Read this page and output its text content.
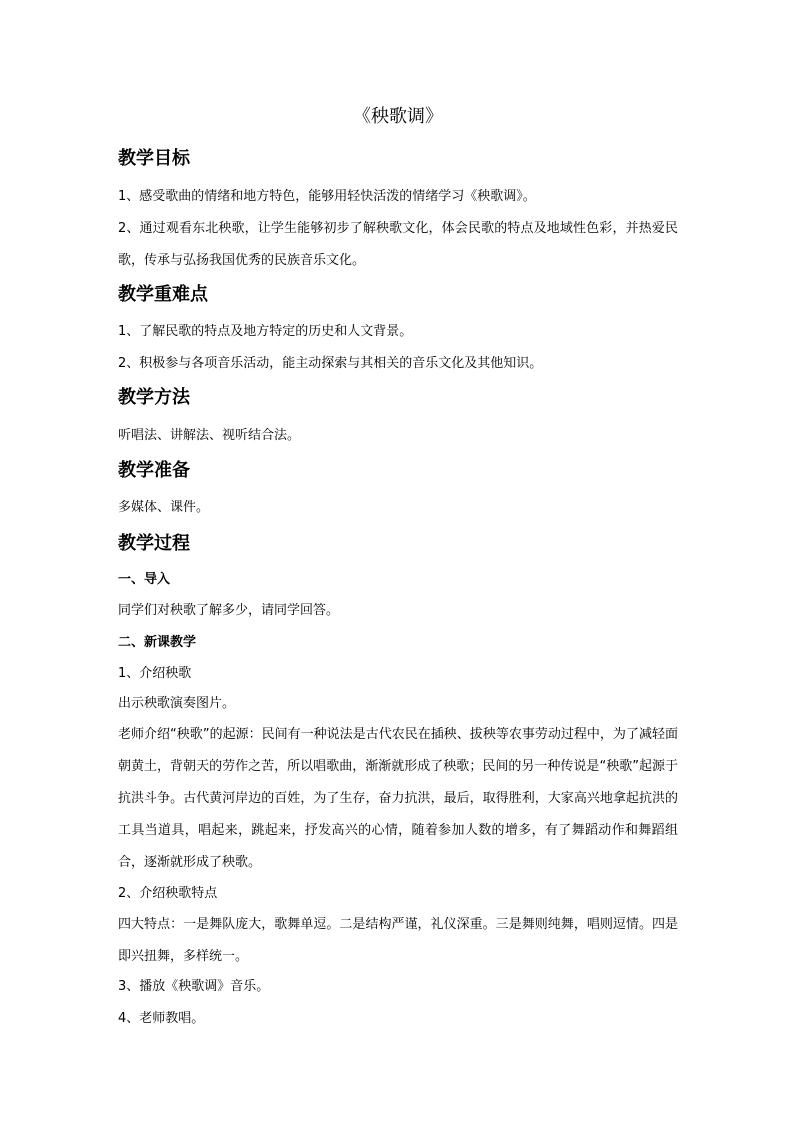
《秧歌调》
教学目标

1、感受歌曲的情绪和地方特色，能够用轻快活泼的情绪学习《秧歌调》。

2、通过观看东北秧歌，让学生能够初步了解秧歌文化，体会民歌的特点及地域性色彩，并热爱民歌，传承与弘扬我国优秀的民族音乐文化。

教学重难点

1、了解民歌的特点及地方特定的历史和人文背景。

2、积极参与各项音乐活动，能主动探索与其相关的音乐文化及其他知识。

教学方法

听唱法、讲解法、视听结合法。

教学准备

多媒体、课件。

教学过程
一、导入

同学们对秧歌了解多少，请同学回答。

二、新课教学

1、介绍秧歌

出示秧歌演奏图片。

老师介绍“秧歌”的起源：民间有一种说法是古代农民在插秧、拔秧等农事劳动过程中，为了减轻面朝黄土，背朝天的劳作之苦，所以唱歌曲，渐渐就形成了秧歌；民间的另一种传说是“秧歌”起源于抗洪斗争。古代黄河岸边的百姓，为了生存，奋力抗洪，最后，取得胜利，大家高兴地拿起抗洪的工具当道具，唱起来，跳起来，抒发高兴的心情，随着参加人数的增多，有了舞蹈动作和舞蹈组合，逐渐就形成了秧歌。

2、介绍秧歌特点

四大特点：一是舞队庞大，歌舞单逗。二是结构严谨，礼仪深重。三是舞则纯舞，唱则逗情。四是即兴扭舞，多样统一。

3、播放《秧歌调》音乐。

4、老师教唱。
